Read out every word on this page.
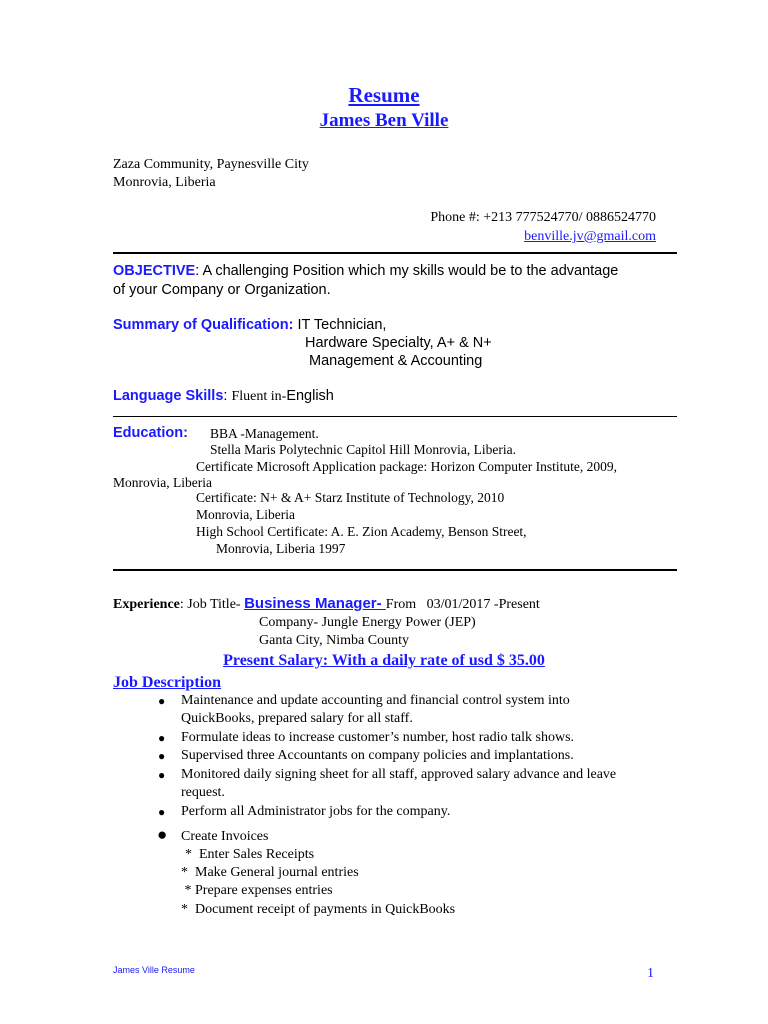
Resume
James Ben Ville
Zaza Community, Paynesville City
Monrovia, Liberia
Phone #: +213 777524770/ 0886524770
benville.jv@gmail.com
OBJECTIVE: A challenging Position which my skills would be to the advantage
of your Company or Organization.
Summary of Qualification: IT Technician,
Hardware Specialty, A+ & N+
Management & Accounting
Language Skills: Fluent in-English
Education: BBA -Management.
Stella Maris Polytechnic Capitol Hill Monrovia, Liberia.
Certificate Microsoft Application package: Horizon Computer Institute, 2009,
Monrovia, Liberia
Certificate: N+ & A+ Starz Institute of Technology, 2010
Monrovia, Liberia
High School Certificate: A. E. Zion Academy, Benson Street,
Monrovia, Liberia 1997
Experience: Job Title- Business Manager- From 03/01/2017 -Present
Company- Jungle Energy Power (JEP)
Ganta City, Nimba County
Present Salary: With a daily rate of usd $ 35.00
Job Description
● Maintenance and update accounting and financial control system into
QuickBooks, prepared salary for all staff.
● Formulate ideas to increase customer’s number, host radio talk shows.
● Supervised three Accountants on company policies and implantations.
● Monitored daily signing sheet for all staff, approved salary advance and leave
request.
● Perform all Administrator jobs for the company.
● Create Invoices
*  Enter Sales Receipts
*  Make General journal entries
* Prepare expenses entries
*  Document receipt of payments in QuickBooks
James Ville Resume	1
